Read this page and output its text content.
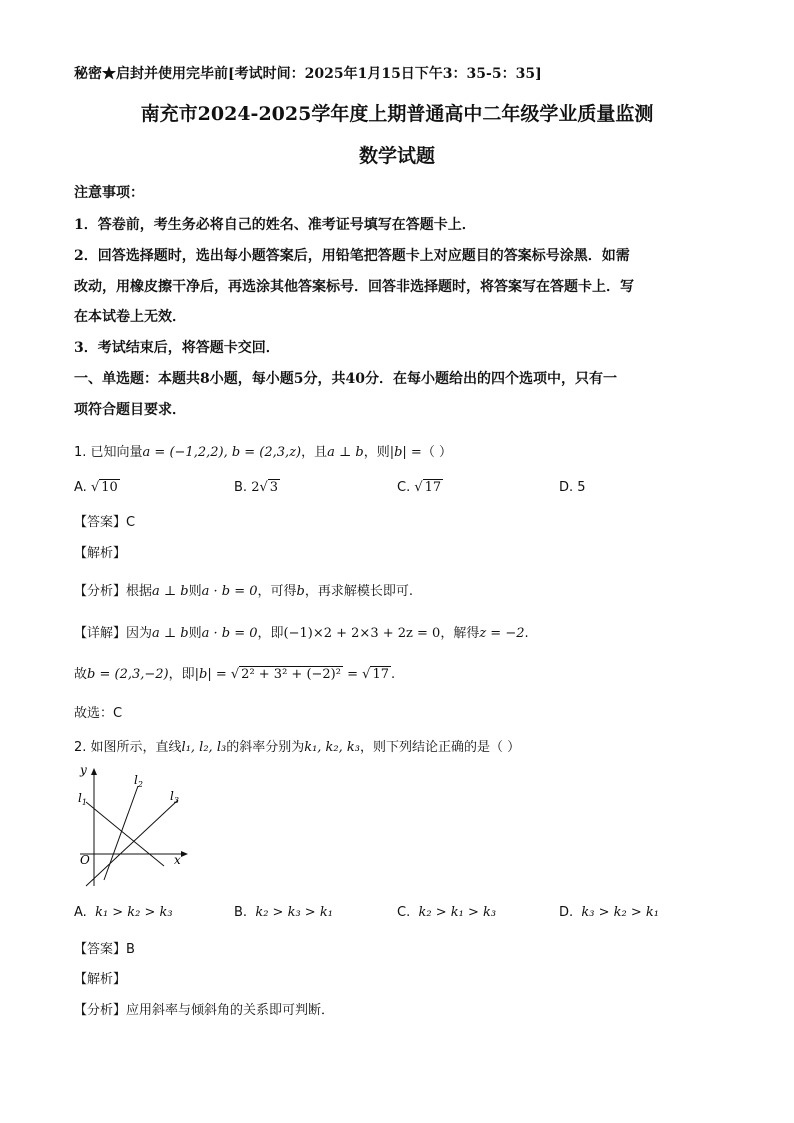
秘密★启封并使用完毕前[考试时间：2025年1月15日下午3：35-5：35]
南充市2024-2025学年度上期普通高中二年级学业质量监测
数学试题
注意事项：
1．答卷前，考生务必将自己的姓名、准考证号填写在答题卡上．
2．回答选择题时，选出每小题答案后，用铅笔把答题卡上对应题目的答案标号涂黑．如需
改动，用橡皮擦干净后，再选涂其他答案标号．回答非选择题时，将答案写在答题卡上．写
在本试卷上无效．
3．考试结束后，将答题卡交回．
一、单选题：本题共8小题，每小题5分，共40分．在每小题给出的四个选项中，只有一
项符合题目要求．
1. 已知向量a = (−1,2,2), b = (2,3,z)，且a ⊥ b，则|b| =（ ）
A. √ 10	B. 2√ 3	C. √ 17	D. 5
【答案】C
【解析】
【分析】根据a ⊥ b则a · b = 0，可得b，再求解模长即可.
【详解】因为a ⊥ b则a · b = 0，即(−1)×2 + 2×3 + 2z = 0，解得z = −2.
故b = (2,3,−2)，即|b| = √ 2² + 3² + (−2)² = √ 17 .
故选：C
2. 如图所示，直线l₁, l₂, l₃的斜率分别为k₁, k₂, k₃，则下列结论正确的是（ ）
y
x
O
$l_1$
$l_2$
$l_3$
A. k₁ > k₂ > k₃	B. k₂ > k₃ > k₁	C. k₂ > k₁ > k₃	D. k₃ > k₂ > k₁
【答案】B
【解析】
【分析】应用斜率与倾斜角的关系即可判断．
